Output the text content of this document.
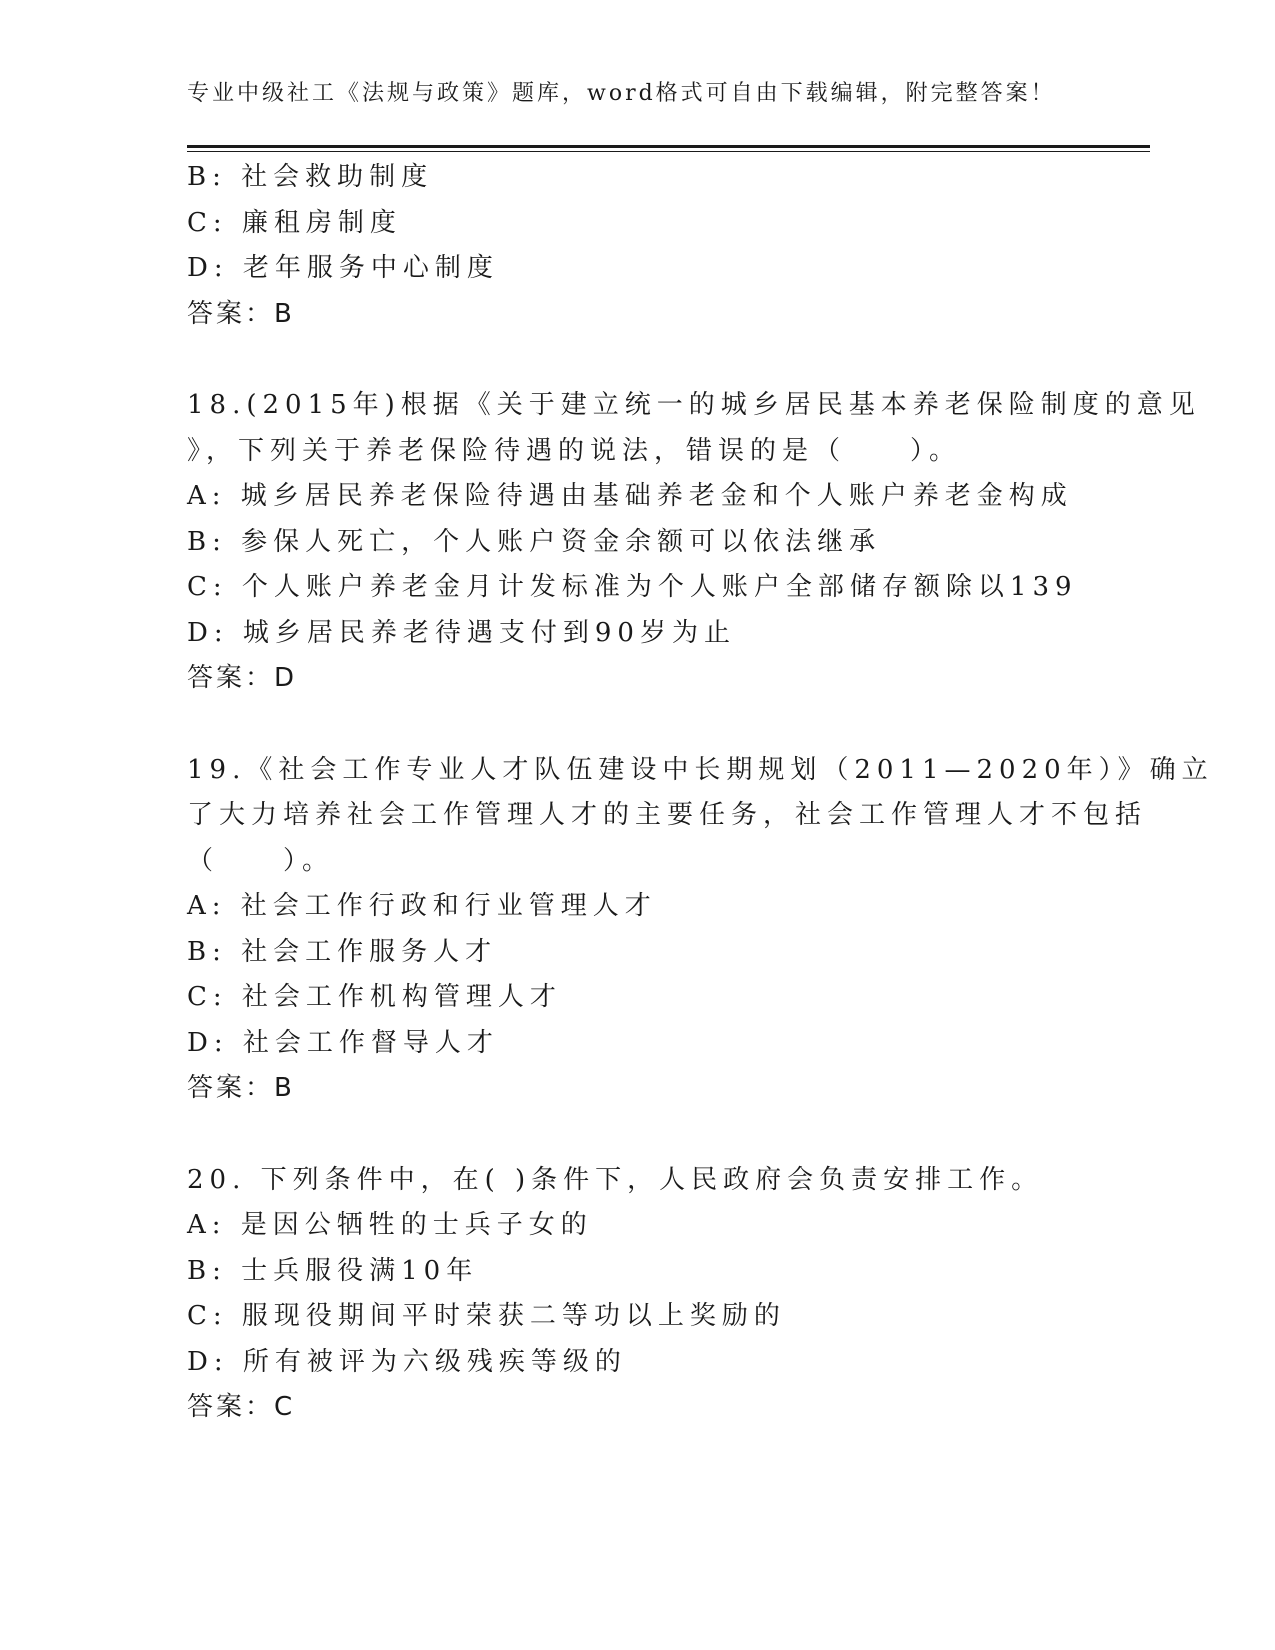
专业中级社工《法规与政策》题库，word格式可自由下载编辑，附完整答案！
B: 社会救助制度
C: 廉租房制度
D: 老年服务中心制度
答案：B
18.(2015年)根据《关于建立统一的城乡居民基本养老保险制度的意见
》，下列关于养老保险待遇的说法，错误的是（　　）。
A: 城乡居民养老保险待遇由基础养老金和个人账户养老金构成
B: 参保人死亡，个人账户资金余额可以依法继承
C: 个人账户养老金月计发标准为个人账户全部储存额除以139
D: 城乡居民养老待遇支付到90岁为止
答案：D
19.《社会工作专业人才队伍建设中长期规划（2011—2020年）》确立
了大力培养社会工作管理人才的主要任务，社会工作管理人才不包括
（　　）。
A: 社会工作行政和行业管理人才
B: 社会工作服务人才
C: 社会工作机构管理人才
D: 社会工作督导人才
答案：B
20. 下列条件中，在( )条件下，人民政府会负责安排工作。
A: 是因公牺牲的士兵子女的
B: 士兵服役满10年
C: 服现役期间平时荣获二等功以上奖励的
D: 所有被评为六级残疾等级的
答案：C
